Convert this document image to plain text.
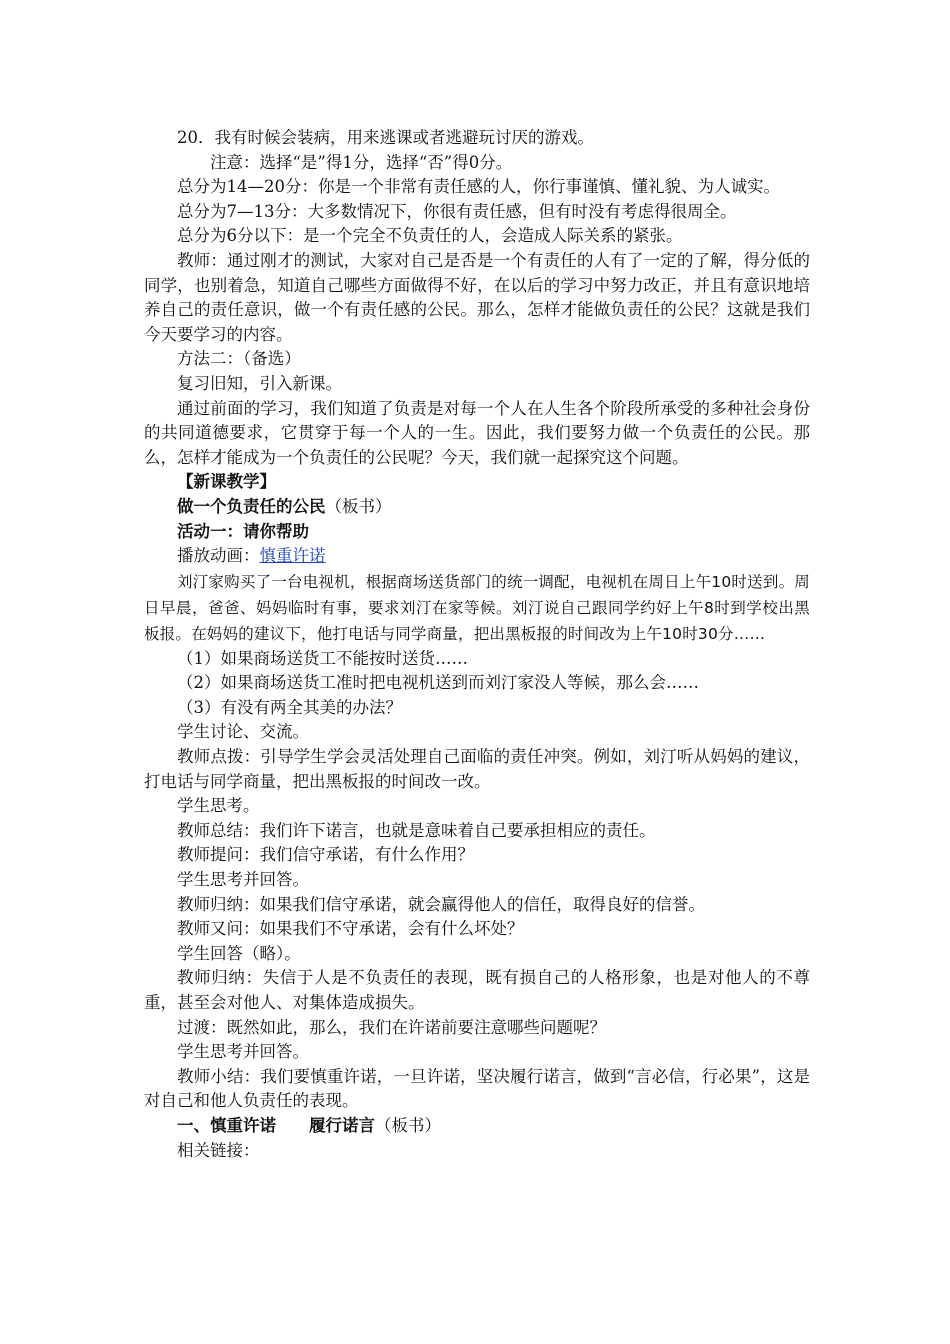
20．我有时候会装病，用来逃课或者逃避玩讨厌的游戏。

注意：选择“是”得1分，选择“否”得0分。

总分为14—20分：你是一个非常有责任感的人，你行事谨慎、懂礼貌、为人诚实。

总分为7—13分：大多数情况下，你很有责任感，但有时没有考虑得很周全。

总分为6分以下：是一个完全不负责任的人，会造成人际关系的紧张。

教师：通过刚才的测试，大家对自己是否是一个有责任的人有了一定的了解，得分低的同学，也别着急，知道自己哪些方面做得不好，在以后的学习中努力改正，并且有意识地培养自己的责任意识，做一个有责任感的公民。那么，怎样才能做负责任的公民？这就是我们今天要学习的内容。

方法二：（备选）

复习旧知，引入新课。

通过前面的学习，我们知道了负责是对每一个人在人生各个阶段所承受的多种社会身份的共同道德要求，它贯穿于每一个人的一生。因此，我们要努力做一个负责任的公民。那么，怎样才能成为一个负责任的公民呢？今天，我们就一起探究这个问题。

【新课教学】

做一个负责任的公民（板书）

活动一：请你帮助

播放动画：慎重许诺

刘汀家购买了一台电视机，根据商场送货部门的统一调配，电视机在周日上午10时送到。周日早晨，爸爸、妈妈临时有事，要求刘汀在家等候。刘汀说自己跟同学约好上午8时到学校出黑板报。在妈妈的建议下，他打电话与同学商量，把出黑板报的时间改为上午10时30分……

（1）如果商场送货工不能按时送货……

（2）如果商场送货工准时把电视机送到而刘汀家没人等候，那么会……

（3）有没有两全其美的办法？

学生讨论、交流。

教师点拨：引导学生学会灵活处理自己面临的责任冲突。例如，刘汀听从妈妈的建议，打电话与同学商量，把出黑板报的时间改一改。

学生思考。

教师总结：我们许下诺言，也就是意味着自己要承担相应的责任。

教师提问：我们信守承诺，有什么作用？

学生思考并回答。

教师归纳：如果我们信守承诺，就会赢得他人的信任，取得良好的信誉。

教师又问：如果我们不守承诺，会有什么坏处？

学生回答（略）。

教师归纳：失信于人是不负责任的表现，既有损自己的人格形象，也是对他人的不尊重，甚至会对他人、对集体造成损失。

过渡：既然如此，那么，我们在许诺前要注意哪些问题呢？

学生思考并回答。

教师小结：我们要慎重许诺，一旦许诺，坚决履行诺言，做到“言必信，行必果”，这是对自己和他人负责任的表现。

一、慎重许诺　　履行诺言（板书）

相关链接：
